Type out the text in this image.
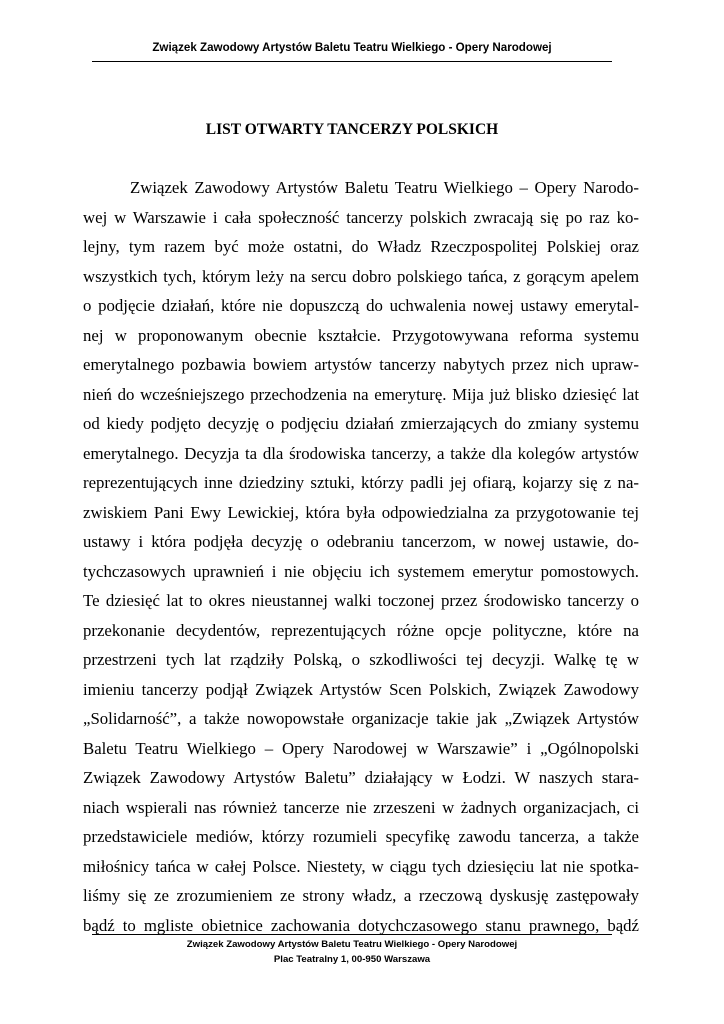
Związek Zawodowy Artystów Baletu Teatru Wielkiego - Opery Narodowej
LIST OTWARTY TANCERZY POLSKICH
Związek Zawodowy Artystów Baletu Teatru Wielkiego – Opery Narodo-
wej w Warszawie i cała społeczność tancerzy polskich zwracają się po raz ko-
lejny, tym razem być może ostatni, do Władz Rzeczpospolitej Polskiej oraz
wszystkich tych, którym leży na sercu dobro polskiego tańca, z gorącym apelem
o podjęcie działań, które nie dopuszczą do uchwalenia nowej ustawy emerytal-
nej w proponowanym obecnie kształcie. Przygotowywana reforma systemu
emerytalnego pozbawia bowiem artystów tancerzy nabytych przez nich upraw-
nień do wcześniejszego przechodzenia na emeryturę. Mija już blisko dziesięć lat
od kiedy podjęto decyzję o podjęciu działań zmierzających do zmiany systemu
emerytalnego. Decyzja ta dla środowiska tancerzy, a także dla kolegów artystów
reprezentujących inne dziedziny sztuki, którzy padli jej ofiarą, kojarzy się z na-
zwiskiem Pani Ewy Lewickiej, która była odpowiedzialna za przygotowanie tej
ustawy i która podjęła decyzję o odebraniu tancerzom, w nowej ustawie, do-
tychczasowych uprawnień i nie objęciu ich systemem emerytur pomostowych.
Te dziesięć lat to okres nieustannej walki toczonej przez środowisko tancerzy o
przekonanie decydentów, reprezentujących różne opcje polityczne, które na
przestrzeni tych lat rządziły Polską, o szkodliwości tej decyzji. Walkę tę w
imieniu tancerzy podjął Związek Artystów Scen Polskich, Związek Zawodowy
„Solidarność”, a także nowopowstałe organizacje takie jak „Związek Artystów
Baletu Teatru Wielkiego – Opery Narodowej w Warszawie” i „Ogólnopolski
Związek Zawodowy Artystów Baletu” działający w Łodzi. W naszych stara-
niach wspierali nas również tancerze nie zrzeszeni w żadnych organizacjach, ci
przedstawiciele mediów, którzy rozumieli specyfikę zawodu tancerza, a także
miłośnicy tańca w całej Polsce. Niestety, w ciągu tych dziesięciu lat nie spotka-
liśmy się ze zrozumieniem ze strony władz, a rzeczową dyskusję zastępowały
bądź to mgliste obietnice zachowania dotychczasowego stanu prawnego, bądź
Związek Zawodowy Artystów Baletu Teatru Wielkiego - Opery Narodowej
Plac Teatralny 1, 00-950 Warszawa
